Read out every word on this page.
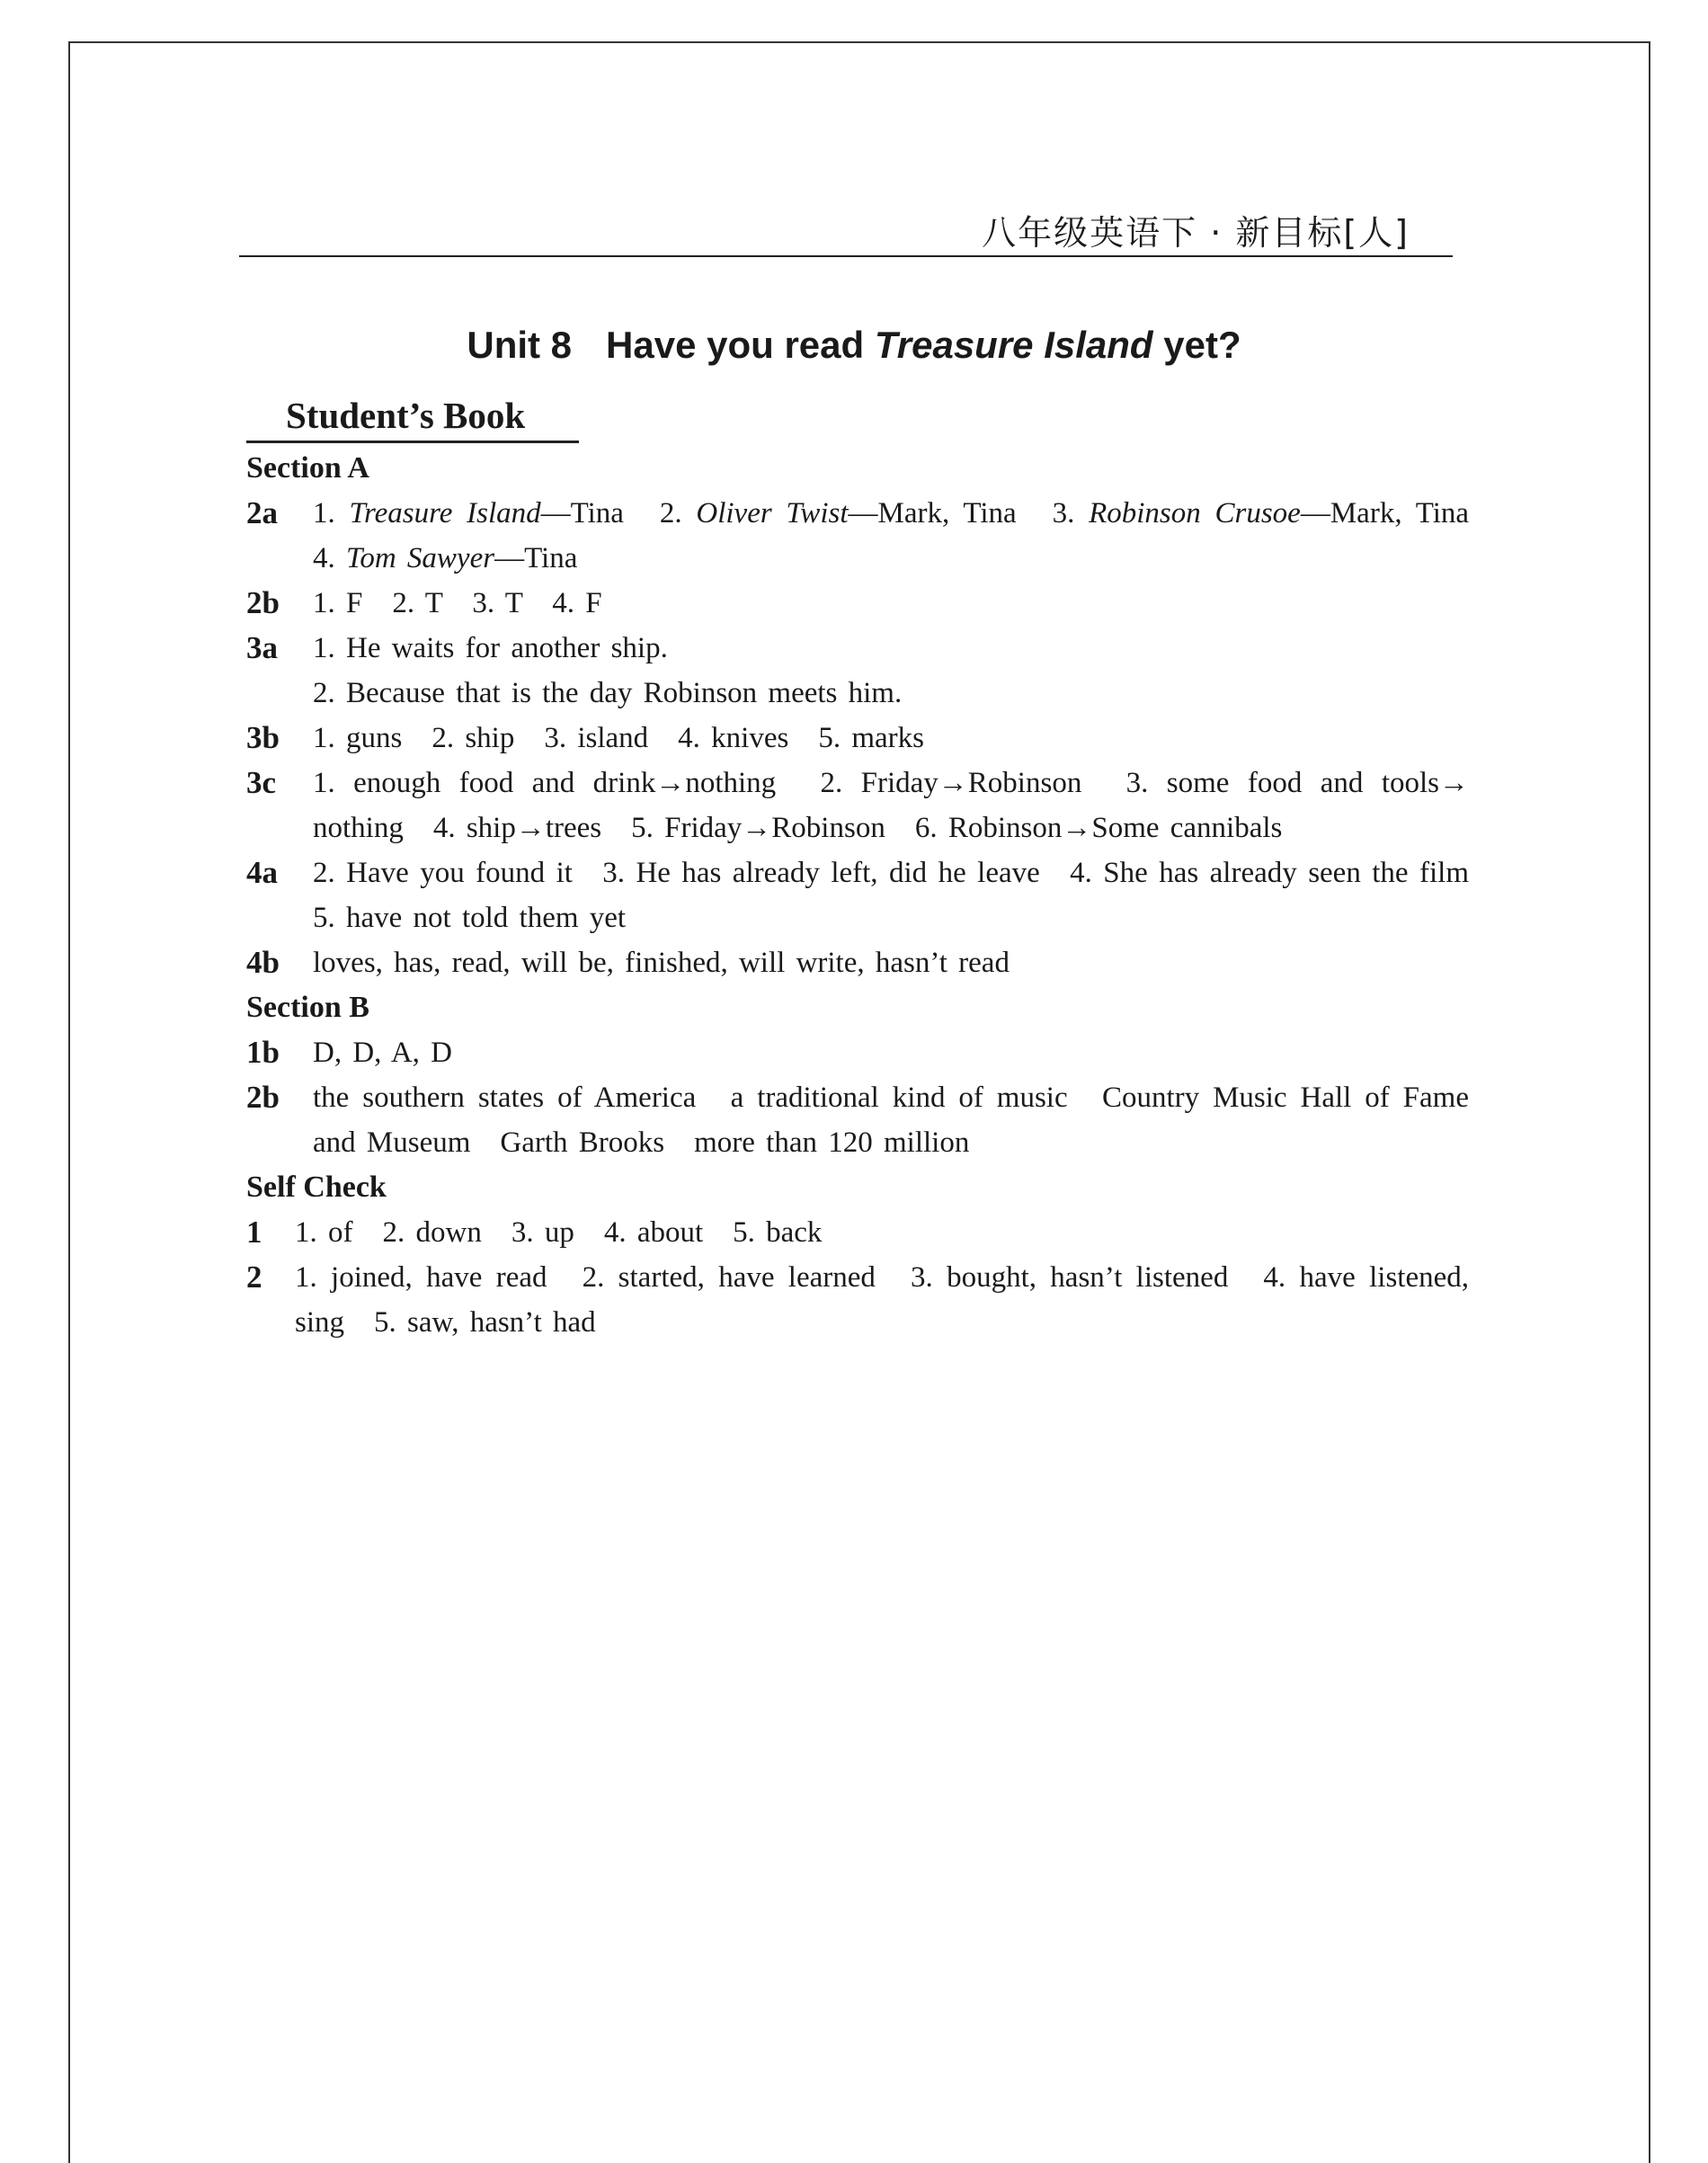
八年级英语下 · 新目标[人]
Unit 8 Have you read Treasure Island yet?
Student’s Book
Section A
2a	1. Treasure Island—Tina　2. Oliver Twist—Mark, Tina　3. Robinson Crusoe—Mark, Tina　4. Tom Sawyer—Tina
2b	1. F　2. T　3. T　4. F
3a	1. He waits for another ship.
2. Because that is the day Robinson meets him.
3b	1. guns　2. ship　3. island　4. knives　5. marks
3c	1. enough food and drink→nothing　2. Friday→Robinson　3. some food and tools→ nothing　4. ship→trees　5. Friday→Robinson　6. Robinson→Some cannibals
4a	2. Have you found it　3. He has already left, did he leave　4. She has already seen the film　5. have not told them yet
4b	loves, has, read, will be, finished, will write, hasn’t read
Section B
1b	D, D, A, D
2b	the southern states of America　a traditional kind of music　Country Music Hall of Fame and Museum　Garth Brooks　more than 120 million
Self Check
1	1. of　2. down　3. up　4. about　5. back
2	1. joined, have read　2. started, have learned　3. bought, hasn’t listened　4. have listened, sing　5. saw, hasn’t had
